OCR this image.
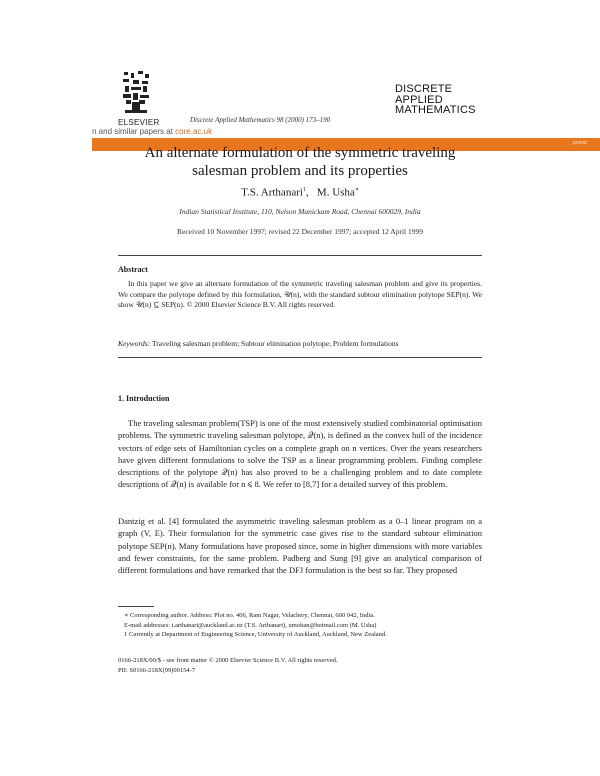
ELSEVIER	Discrete Applied Mathematics 98 (2000) 173–190
DISCRETE
APPLIED
MATHEMATICS
n and similar papers at core.ac.uk
provid
An alternate formulation of the symmetric traveling
salesman problem and its properties
T.S. Arthanari$^1$,   M. Usha∗
Indian Statistical Institute, 110, Nelson Manickam Road, Chennai 600029, India
Received 10 November 1997; revised 22 December 1997; accepted 12 April 1999
Abstract
In this paper we give an alternate formulation of the symmetric traveling salesman problem and give its properties. We compare the polytope defined by this formulation, 𝒰(n), with the standard subtour elimination polytope SEP(n). We show 𝒰(n) ⊆ SEP(n). © 2000 Elsevier Science B.V. All rights reserved.
Keywords: Traveling salesman problem; Subtour elimination polytope; Problem formulations
1. Introduction
The traveling salesman problem(TSP) is one of the most extensively studied combinatorial optimisation problems. The symmetric traveling salesman polytope, 𝒬(n), is defined as the convex hull of the incidence vectors of edge sets of Hamiltonian cycles on a complete graph on n vertices. Over the years researchers have given different formulations to solve the TSP as a linear programming problem. Finding complete descriptions of the polytope 𝒬(n) has also proved to be a challenging problem and to date complete descriptions of 𝒬(n) is available for n ⩽ 8. We refer to [8,7] for a detailed survey of this problem.
Dantzig et al. [4] formulated the asymmetric traveling salesman problem as a 0–1 linear program on a graph (V, E). Their formulation for the symmetric case gives rise to the standard subtour elimination polytope SEP(n). Many formulations have proposed since, some in higher dimensions with more variables and fewer constraints, for the same problem. Padberg and Sung [9] give an analytical comparison of different formulations and have remarked that the DFJ formulation is the best so far. They proposed
∗ Corresponding author. Address: Plot no. 406, Ram Nagar, Velachery, Chennai, 600 042, India.
E-mail addresses: t.arthanari@auckland.ac.nz (T.S. Arthanari), umohan@hotmail.com (M. Usha)
1 Currently at Department of Engineering Science, University of Auckland, Auckland, New Zealand.
0166-218X/00/$ - see front matter © 2000 Elsevier Science B.V. All rights reserved.
PII: S0166-218X(99)00154-7
